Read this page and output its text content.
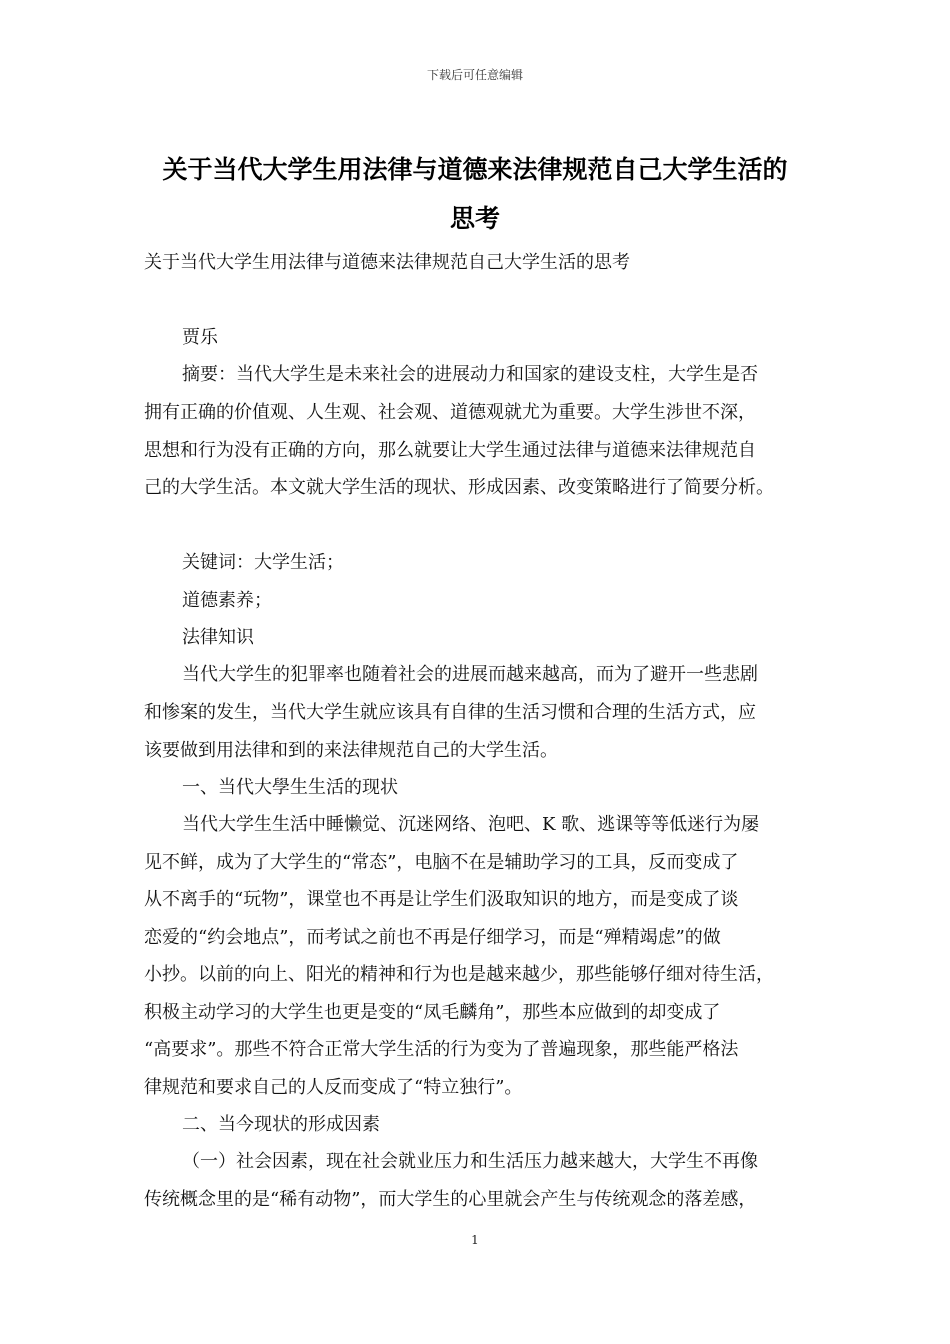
下载后可任意编辑
关于当代大学生用法律与道德来法律规范自己大学生活的
思考
关于当代大学生用法律与道德来法律规范自己大学生活的思考
贾乐
摘要：当代大学生是未来社会的进展动力和国家的建设支柱，大学生是否
拥有正确的价值观、人生观、社会观、道德观就尤为重要。大学生涉世不深，
思想和行为没有正确的方向，那么就要让大学生通过法律与道德来法律规范自
己的大学生活。本文就大学生活的现状、形成因素、改变策略进行了简要分析。
关键词：大学生活；
道德素养；
法律知识
当代大学生的犯罪率也随着社会的进展而越来越高，而为了避开一些悲剧
和惨案的发生，当代大学生就应该具有自律的生活习惯和合理的生活方式，应
该要做到用法律和到的来法律规范自己的大学生活。
一、当代大學生生活的现状
当代大学生生活中睡懒觉、沉迷网络、泡吧、K 歌、逃课等等低迷行为屡
见不鲜，成为了大学生的“常态”，电脑不在是辅助学习的工具，反而变成了
从不离手的“玩物”，课堂也不再是让学生们汲取知识的地方，而是变成了谈
恋爱的“约会地点”，而考试之前也不再是仔细学习，而是“殚精竭虑”的做
小抄。以前的向上、阳光的精神和行为也是越来越少，那些能够仔细对待生活，
积极主动学习的大学生也更是变的“凤毛麟角”，那些本应做到的却变成了
“高要求”。那些不符合正常大学生活的行为变为了普遍现象，那些能严格法
律规范和要求自己的人反而变成了“特立独行”。
二、当今现状的形成因素
（一）社会因素，现在社会就业压力和生活压力越来越大，大学生不再像
传统概念里的是“稀有动物”，而大学生的心里就会产生与传统观念的落差感，
1
